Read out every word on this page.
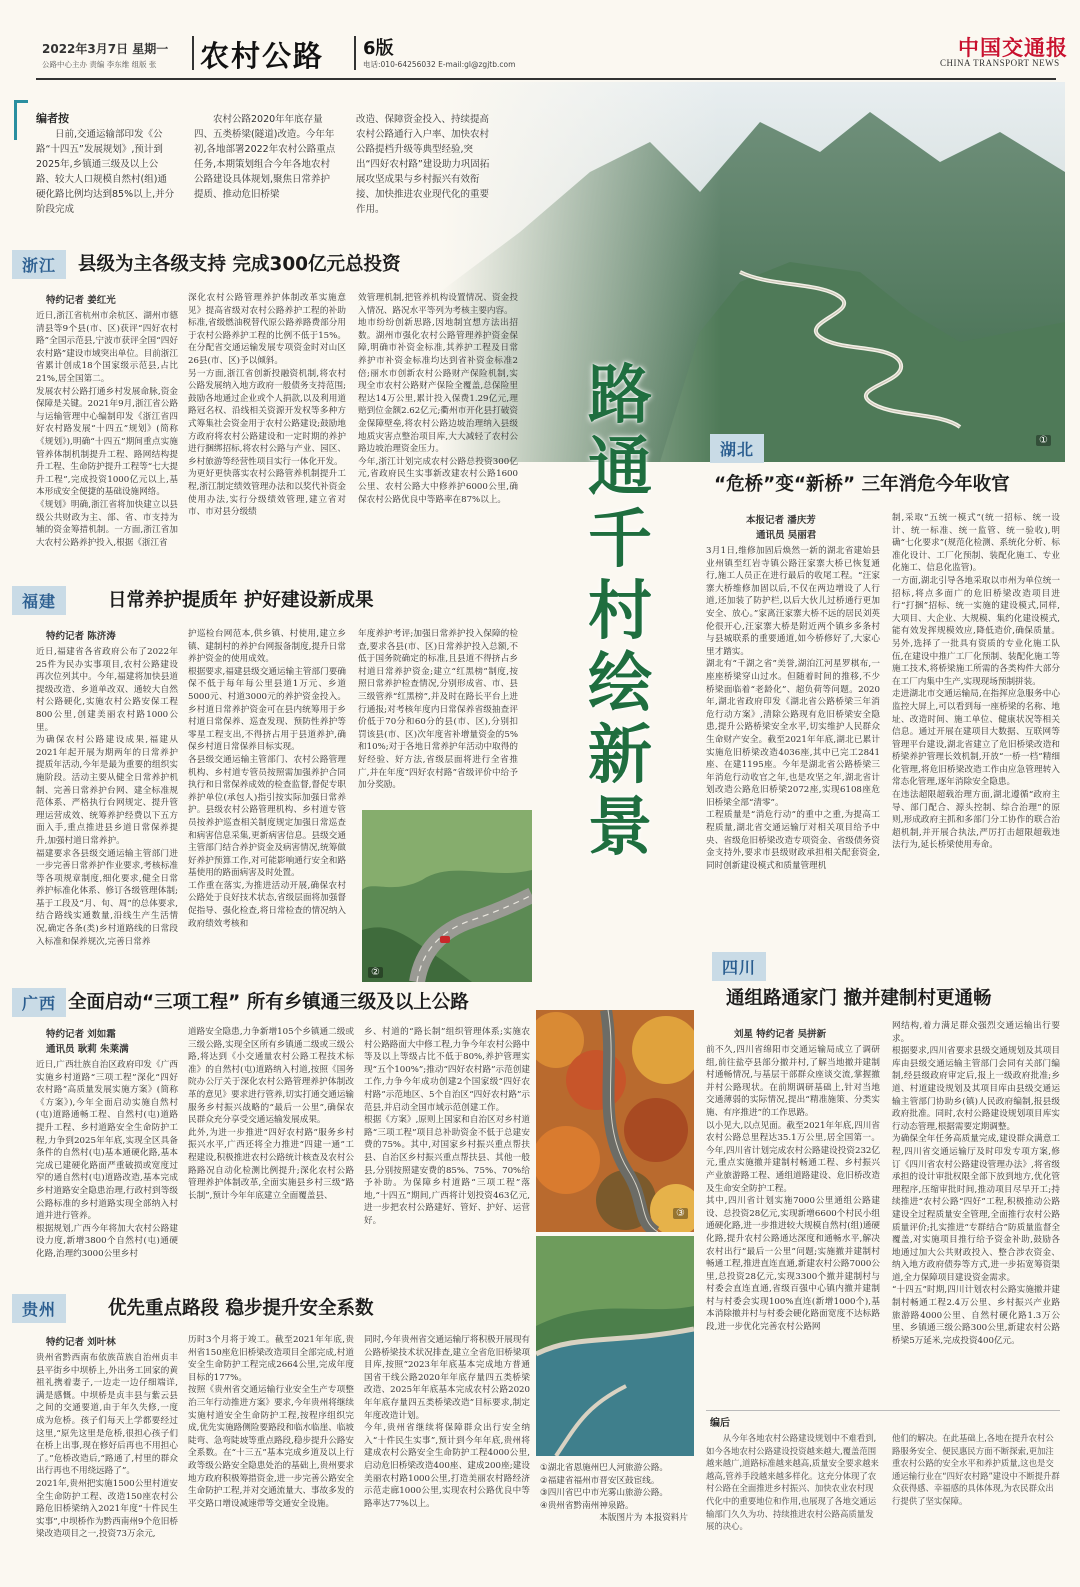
2022年3月7日 星期一
公路中心主办 责编 李东维 组版 张 农村公路 6版
电话:010-64256032 E-mail:gl@zgjtb.com
中国交通报
CHINA TRANSPORT NEWS
①
编者按
日前,交通运输部印发《公路“十四五”发展规划》,预计到2025年,乡镇通三级及以上公路、较大人口规模自然村(组)通硬化路比例均达到85%以上,并分阶段完成
农村公路2020年年底存量四、五类桥梁(隧道)改造。今年年初,各地部署2022年农村公路重点任务,本期策划组合今年各地农村公路建设具体规划,聚焦日常养护提质、推动危旧桥梁
改造、保障资金投入、持续提高农村公路通行入户率、加快农村公路提档升级等典型经验,突出“四好农村路”建设助力巩固拓展攻坚成果与乡村振兴有效衔接、加快推进农业现代化的重要作用。
浙江	县级为主各级支持 完成300亿元总投资
特约记者 姜红光
近日,浙江省杭州市余杭区、湖州市德清县等9个县(市、区)获评“四好农村路”全国示范县,宁波市获评全国“四好农村路”建设市域突出单位。目前浙江省累计创成18个国家级示范县,占比21%,居全国第二。
发展农村公路打通乡村发展命脉,资金保障是关键。2021年9月,浙江省公路与运输管理中心编制印发《浙江省四好农村路发展“十四五”规划》(简称《规划》),明确“十四五”期间重点实施管养体制机制提升工程、路网结构提升工程、生命防护提升工程等“七大提升工程”,完成投资1000亿元以上,基本形成安全便捷的基础设施网络。
《规划》明确,浙江省将加快建立以县级公共财政为主、部、省、市支持为辅的资金筹措机制。一方面,浙江省加大农村公路养护投入,根据《浙江省
深化农村公路管理养护体制改革实施意见》提高省级对农村公路养护工程的补助标准,省级燃油税替代原公路养路费部分用于农村公路养护工程的比例不低于15%。在分配省交通运输发展专项资金时对山区26县(市、区)予以倾斜。
另一方面,浙江省创新投融资机制,将农村公路发展纳入地方政府一般债务支持范围;鼓励各地通过企业或个人捐款,以及利用道路冠名权、沿线相关资源开发权等多种方式筹集社会资金用于农村公路建设;鼓励地方政府将农村公路建设和一定时期的养护进行捆绑招标,将农村公路与产业、园区、乡村旅游等经营性项目实行一体化开发。
为更好更快落实农村公路管养机制提升工程,浙江制定绩效管理办法和以奖代补资金使用办法,实行分级绩效管理,建立省对市、市对县分级绩
效管理机制,把管养机构设置情况、资金投入情况、路况水平等列为考核主要内容。
地市纷纷创新思路,因地制宜想方法出招数。湖州市强化农村公路管理养护资金保障,明确市补资金标准,其养护工程及日常养护市补资金标准均达到省补资金标准2倍;丽水市创新农村公路财产保险机制,实现全市农村公路财产保险全覆盖,总保险里程达14万公里,累计投入保费1.29亿元,理赔到位金额2.62亿元;衢州市开化县打破资金保障壁垒,将农村公路边坡治理纳入县级地质灾害点整治项目库,大大减轻了农村公路边坡治理资金压力。
今年,浙江计划完成农村公路总投资300亿元,省政府民生实事新改建农村公路1600公里、农村公路大中修养护6000公里,确保农村公路优良中等路率在87%以上。
路通千村绘新景
福建	日常养护提质年 护好建设新成果
特约记者 陈济涛
近日,福建省各省政府公布了2022年25件为民办实事项目,农村公路建设再次位列其中。今年,福建将加快县道提级改造、乡道单改双、通较大自然村公路硬化,实施农村公路安保工程800公里,创建美丽农村路1000公里。
为确保农村公路建设成果,福建从2021年起开展为期两年的日常养护提质年活动,今年是最为重要的组织实施阶段。活动主要从健全日常养护机制、完善日常养护台网、建全标准规范体系、严格执行台网规定、提升管理运营成效、统筹养护经费以下五方面入手,重点推进县乡道日常保养提升,加强村道日常养护。
福建要求各县级交通运输主管部门进一步完善日常养护作业要求,考核标准等各项规章制度,细化要求,健全日常养护标准化体系、修订各级管理体制;基于工段及“月、旬、周”的总体要求,结合路线实通数量,沿线生产生活情况,确定各条(类)乡村道路线的日常段入标准和保养规次,完善日常养
护巡检台网范本,供乡镇、村使用,建立乡镇、建制村的养护台网报备制度,提升日常养护资金的使用成效。
根据要求,福建县级交通运输主管部门要确保不低于每年每公里县道1万元、乡道5000元、村道3000元的养护资金投入。乡村道日常养护资金可在县内统筹用于乡村道日常保养、巡查发现、预防性养护等零星工程支出,不得挤占用于县道养护,确保乡村道日常保养目标实现。
各县级交通运输主管部门、农村公路管理机构、乡村道专管员按照需加强养护合同执行和日常保养成效的检查监督,督促专职养护单位(承包人)指引按实际加强日常养护。县级农村公路管理机构、乡村道专管员按养护巡查相关制度规定加强日常巡查和病害信息采集,更新病害信息。县级交通主管部门结合养护资金及病害情况,统筹做好养护预算工作,对可能影响通行安全和路基使用的路面病害及时处置。
工作重在落实,为推进活动开展,确保农村公路处于良好技术状态,省级层面将加强督促指导、强化检查,将日常检查的情况纳入政府绩效考核和
年度养护考评;加强日常养护投入保障的检查,要求各县(市、区)日常养护投入总额,不低于国务院确定的标准,且县道不得挤占乡村道日常养护资金;建立“红黑榜”制度,按照日常养护检查情况,分别形成省、市、县三级管养“红黑榜”,并及时在路长平台上进行通报;对考核年度内日常保养省级抽查评价低于70分和60分的县(市、区),分别扣罚该县(市、区)次年度省补增量资金的5%和10%;对于各地日常养护年活动中取得的好经验、好方法,省级层面将进行全省推广,并在年度“四好农村路”省级评价中给予加分奖励。
②
湖北
“危桥”变“新桥” 三年消危今年收官
本报记者 潘庆芳
通讯员 吴丽君
3月1日,维修加固后焕然一新的湖北省建始县业州镇至红岩寺镇公路汪家寨大桥已恢复通行,施工人员正在进行最后的收尾工程。“汪家寨大桥维修加固以后,不仅在两边增设了人行道,还加装了防护栏,以后大伙儿过桥通行更加安全、放心。”家离汪家寨大桥不远的居民刘英伦很开心,汪家寨大桥是附近两个镇乡多条村与县城联系的重要通道,如今桥修好了,大家心里才踏实。
湖北有“千湖之省”美誉,湖泊江河星罗棋布,一座座桥梁穿山过水。但随着时间的推移,不少桥梁面临着“老龄化”、超负荷等问题。2020年,湖北省政府印发《湖北省公路桥梁三年消危行动方案》,清除公路现有危旧桥梁安全隐患,提升公路桥梁安全水平,切实维护人民群众生命财产安全。截至2021年年底,湖北已累计实施危旧桥梁改造4036座,其中已完工2841座、在建1195座。今年是湖北省公路桥梁三年消危行动收官之年,也是攻坚之年,湖北省计划改造公路危旧桥梁2072座,实现6108座危旧桥梁全部“清零”。
工程质量是“消危行动”的重中之重,为提高工程质量,湖北省交通运输厅对相关项目给予中央、省级危旧桥梁改造专项资金、省级债务资金支持外,要求市县级财政承担相关配套资金,同时创新建设模式和质量管理机
制,采取“五统一模式”(统一招标、统一设计、统一标准、统一监管、统一验收),明确“七化要求”(规范化检测、系统化分析、标准化设计、工厂化预制、装配化施工、专业化施工、信息化监管)。
一方面,湖北引导各地采取以市州为单位统一招标,将点多面广的危旧桥梁改造项目进行“打捆”招标、统一实施的建设模式,同样,大项目、大企业、大规模、集约化建设模式,能有效发挥规模效应,降低造价,确保质量。另外,选择了一批具有资质的专业化施工队伍,在建设中推广工厂化预制、装配化施工等施工技术,将桥梁施工所需的各类构件大部分在工厂内集中生产,实现现场预制拼装。
走进湖北市交通运输局,在指挥应急服务中心监控大屏上,可以看到每一座桥梁的名称、地址、改造时间、施工单位、健康状况等相关信息。通过开展在建项目大数据、互联网等管理平台建设,湖北省建立了危旧桥梁改造和桥梁养护管理长效机制,开放“一桥一档”精细化管理,将危旧桥梁改造工作由应急管理转入常态化管理,逐年消除安全隐患。
在违法超限超载治理方面,湖北遵循“政府主导、部门配合、源头控制、综合治理”的原则,形成政府主抓和多部门分工协作的联合治超机制,并开展合执法,严厉打击超限超载违法行为,延长桥梁使用寿命。
广西 全面启动“三项工程” 所有乡镇通三级及以上公路
特约记者 刘如霜
通讯员 耿莉 朱莱满
近日,广西壮族自治区政府印发《广西实施乡村道路“三项工程”深化“四好农村路”高质量发展实施方案》(简称《方案》),今年全面启动实施自然村(屯)道路通畅工程、自然村(屯)道路提升工程、乡村道路安全生命防护工程,力争到2025年年底,实现全区具备条件的自然村(屯)基本通硬化路,基本完成已建硬化路面严重破损或宽度过窄的通自然村(屯)道路改造,基本完成乡村道路安全隐患治理,行政村到等级公路标准的乡村道路实现全部纳入村道并进行管养。
根据规划,广西今年将加大农村公路建设力度,新增3800个自然村(屯)通硬化路,治理约3000公里乡村
道路安全隐患,力争新增105个乡镇通二级或三级公路,实现全区所有乡镇通二级或三级公路,将达到《小交通量农村公路工程技术标准》的自然村(屯)道路纳入村道,按照《国务院办公厅关于深化农村公路管理养护体制改革的意见》要求进行管养,切实打通交通运输服务乡村振兴战略的“最后一公里”,确保农民群众充分享受交通运输发展成果。
此外,为进一步推进“四好农村路”服务乡村振兴水平,广西还将全力推进“四建一通”工程建设,积极推进农村公路统计核查及农村公路路况自动化检测比例提升;深化农村公路管理养护体制改革,全面实施县乡村三级“路长制”,预计今年年底建立全面覆盖县、
乡、村道的“路长制”组织管理体系;实施农村公路路面大中修工程,力争今年农村公路中等及以上等级占比不低于80%,养护管理实现“五个100%”;推动“四好农村路”示范创建工作,力争今年成功创建2个国家级“四好农村路”示范地区、5个自治区“四好农村路”示范县,并启动全国市域示范创建工作。
根据《方案》,原则上国家和自治区对乡村道路“三项工程”项目总补助资金不低于总建安费的75%。其中,对国家乡村振兴重点帮扶县、自治区乡村振兴重点帮扶县、其他一般县,分别按照建安费的85%、75%、70%给予补助。为保障乡村道路“三项工程”落地,“十四五”期间,广西将计划投资463亿元,进一步把农村公路建好、管好、护好、运营好。
③
①湖北省恩施州巴人河旅游公路。
②福建省福州市晋安区鼓宦线。
③四川省巴中市光雾山旅游公路。
④贵州省黔南州神泉路。
本版图片为 本报资料片
四川
通组路通家门 撤并建制村更通畅
刘星 特约记者 吴拼新
前不久,四川省绵阳市交通运输局成立了调研组,前往盐亭县部分撤并村,了解当地撤并建制村通畅情况,与基层干部群众座谈交流,掌握撤并村公路现状。在前期调研基础上,针对当地交通薄弱的实际情况,提出“精准施策、分类实施、有序推进”的工作思路。
以小见大,以点见面。截至2021年年底,四川省农村公路总里程达35.1万公里,居全国第一。今年,四川省计划完成农村公路建设投资232亿元,重点实施撤并建制村畅通工程、乡村振兴产业旅游路工程、通组道路建设、危旧桥改造及生命安全防护工程。
其中,四川省计划实施7000公里通组公路建设、总投资28亿元,实现新增6600个村民小组通硬化路,进一步推进较大规模自然村(组)通硬化路,提升农村公路通达深度和通畅水平,解决农村出行“最后一公里”问题;实施撤并建制村畅通工程,推进直连直通,新建农村公路7000公里,总投资28亿元,实现3300个撤并建制村与村委会直连直通,省级百强中心镇内撤并建制村与村委会实现100%直连(新增1000个),基本消除撤并村与村委会硬化路面宽度不达标路段,进一步优化完善农村公路网
网结构,着力满足群众强烈交通运输出行要求。
根据要求,四川省要求县级交通规划及其项目库由县级交通运输主管部门会同有关部门编制,经县级政府审定后,报上一级政府批准;乡道、村道建设规划及其项目库由县级交通运输主管部门协助乡(镇)人民政府编制,报县级政府批准。同时,农村公路建设规划项目库实行动态管理,根据需要定期调整。
为确保全年任务高质量完成,建设群众满意工程,四川省交通运输厅及时印发专项方案,修订《四川省农村公路建设管理办法》,将省级承担的设计审批权限全部下放到地方,优化管理程序,压缩审批时间,推动项目尽早开工;持续推进“农村公路“四好”工程,积极推动公路建设全过程质量安全管理,全面推行农村公路质量评价;扎实推进“专群结合”防质量监督全覆盖,对实施项目推行给予资金补助,鼓励各地通过加大公共财政投入、整合涉农资金、纳入地方政府债券等方式,进一步拓宽筹资渠道,全力保障项目建设资金需求。
“十四五”时期,四川计划农村公路实施撤并建制村畅通工程2.4万公里、乡村振兴产业路旅游路4000公里、自然村硬化路1.3万公里、乡镇通三级公路300公里,新建农村公路桥梁5万延米,完成投资400亿元。
贵州	优先重点路段 稳步提升安全系数
特约记者 刘叶林
贵州省黔西南布依族苗族自治州贞丰县平街乡中坝桥上,外出务工回家的黄祖礼携着妻子,一边走一边仔细端详,满是感慨。中坝桥是贞丰县与紫云县之间的交通要道,由于年久失修,一度成为危桥。孩子们每天上学都要经过这里,“原先这里是危桥,很担心孩子们在桥上出事,现在修好后再也不用担心了。”危桥改造后,“路通了,村里的群众出行再也不用绕远路了”。
2021年,贵州把实施1500公里村道安全生命防护工程、改造150座农村公路危旧桥梁纳入2021年度“十件民生实事”,中坝桥作为黔西南州9个危旧桥梁改造项目之一,投资73万余元,
历时3个月将于竣工。截至2021年年底,贵州省150座危旧桥梁改造项目全部完成,村道安全生命防护工程完成2664公里,完成年度目标的177%。
按照《贵州省交通运输行业安全生产专项整治三年行动推进方案》要求,今年贵州将继续实施村道安全生命防护工程,按程序组织完成,优先实施路侧险要路段和临水临崖、临坡陡弯、急弯陡坡等重点路段,稳步提升公路安全系数。在“十三五”基本完成乡道及以上行政等级公路安全隐患处治的基础上,贵州要求地方政府积极筹措资金,进一步完善公路安全生命防护工程,并对交通流量大、事故多发的平交路口增设减速带等交通安全设施。
同时,今年贵州省交通运输厅将积极开展现有公路桥梁技术状况排查,建立全省危旧桥梁项目库,按照“2023年年底基本完成地方普通国省干线公路2020年年底存量四五类桥梁改造、2025年年底基本完成农村公路2020年年底存量四五类桥梁改造”目标要求,制定年度改造计划。
今年,贵州省继续将保障群众出行安全纳入“十件民生实事”,预计到今年年底,贵州将建成农村公路安全生命防护工程4000公里,启动危旧桥梁改造400座、建成200座;建设美丽农村路1000公里,打造美丽农村路经济示范走廊1000公里,实现农村公路优良中等路率达77%以上。
编后
从今年各地农村公路建设规划中不难看到,如今各地农村公路建设投资越来越大,覆盖范围越来越广,道路标准越来越高,质量安全要求越来越高,管养手段越来越多样化。这充分体现了农村公路在全面推进乡村振兴、加快农业农村现代化中的重要地位和作用,也展现了各地交通运输部门久久为功、持续推进农村公路高质量发展的决心。
他们的解决。在此基础上,各地在提升农村公路服务安全、便民惠民方面不断探索,更加注重农村公路的安全水平和养护质量,这也是交通运输行业在“四好农村路”建设中不断提升群众获得感、幸福感的具体体现,为农民群众出行提供了坚实保障。
